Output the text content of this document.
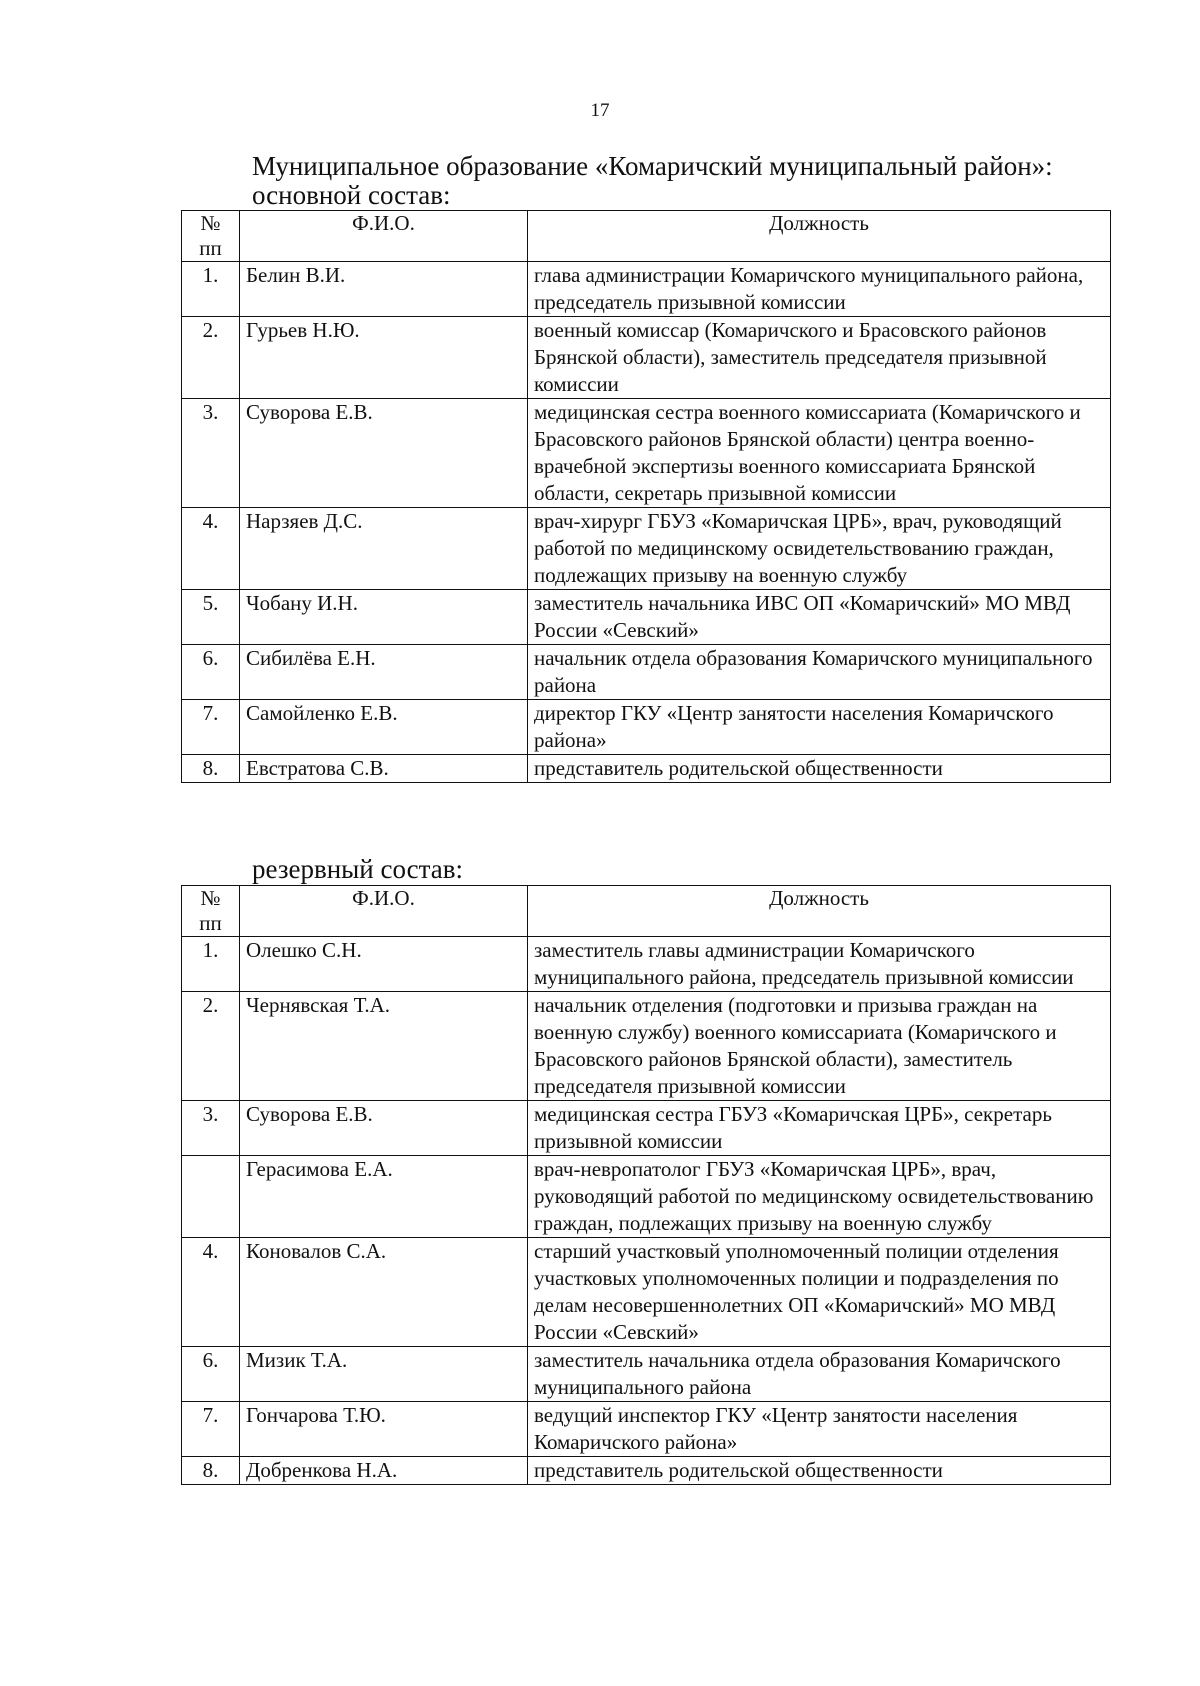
17
Муниципальное образование «Комаричский муниципальный район»:
основной состав:
№ пп	Ф.И.О.	Должность
1.	Белин В.И.	глава администрации Комаричского муниципального района, председатель призывной комиссии
2.	Гурьев Н.Ю.	военный комиссар (Комаричского и Брасовского районов Брянской области), заместитель председателя призывной комиссии
3.	Суворова Е.В.	медицинская сестра военного комиссариата (Комаричского и Брасовского районов Брянской области) центра военно-врачебной экспертизы военного комиссариата Брянской области, секретарь призывной комиссии
4.	Нарзяев Д.С.	врач-хирург ГБУЗ «Комаричская ЦРБ», врач, руководящий работой по медицинскому освидетельствованию граждан, подлежащих призыву на военную службу
5.	Чобану И.Н.	заместитель начальника ИВС ОП «Комаричский» МО МВД России «Севский»
6.	Сибилёва Е.Н.	начальник отдела образования Комаричского муниципального района
7.	Самойленко Е.В.	директор ГКУ «Центр занятости населения Комаричского района»
8.	Евстратова С.В.	представитель родительской общественности
резервный состав:
№ пп	Ф.И.О.	Должность
1.	Олешко С.Н.	заместитель главы администрации Комаричского муниципального района, председатель призывной комиссии
2.	Чернявская Т.А.	начальник отделения (подготовки и призыва граждан на военную службу) военного комиссариата (Комаричского и Брасовского районов Брянской области), заместитель председателя призывной комиссии
3.	Суворова Е.В.	медицинская сестра ГБУЗ «Комаричская ЦРБ», секретарь призывной комиссии
	Герасимова Е.А.	врач-невропатолог ГБУЗ «Комаричская ЦРБ», врач, руководящий работой по медицинскому освидетельствованию граждан, подлежащих призыву на военную службу
4.	Коновалов С.А.	старший участковый уполномоченный полиции отделения участковых уполномоченных полиции и подразделения по делам несовершеннолетних ОП «Комаричский» МО МВД России «Севский»
6.	Мизик Т.А.	заместитель начальника отдела образования Комаричского муниципального района
7.	Гончарова Т.Ю.	ведущий инспектор ГКУ «Центр занятости населения Комаричского района»
8.	Добренкова Н.А.	представитель родительской общественности
